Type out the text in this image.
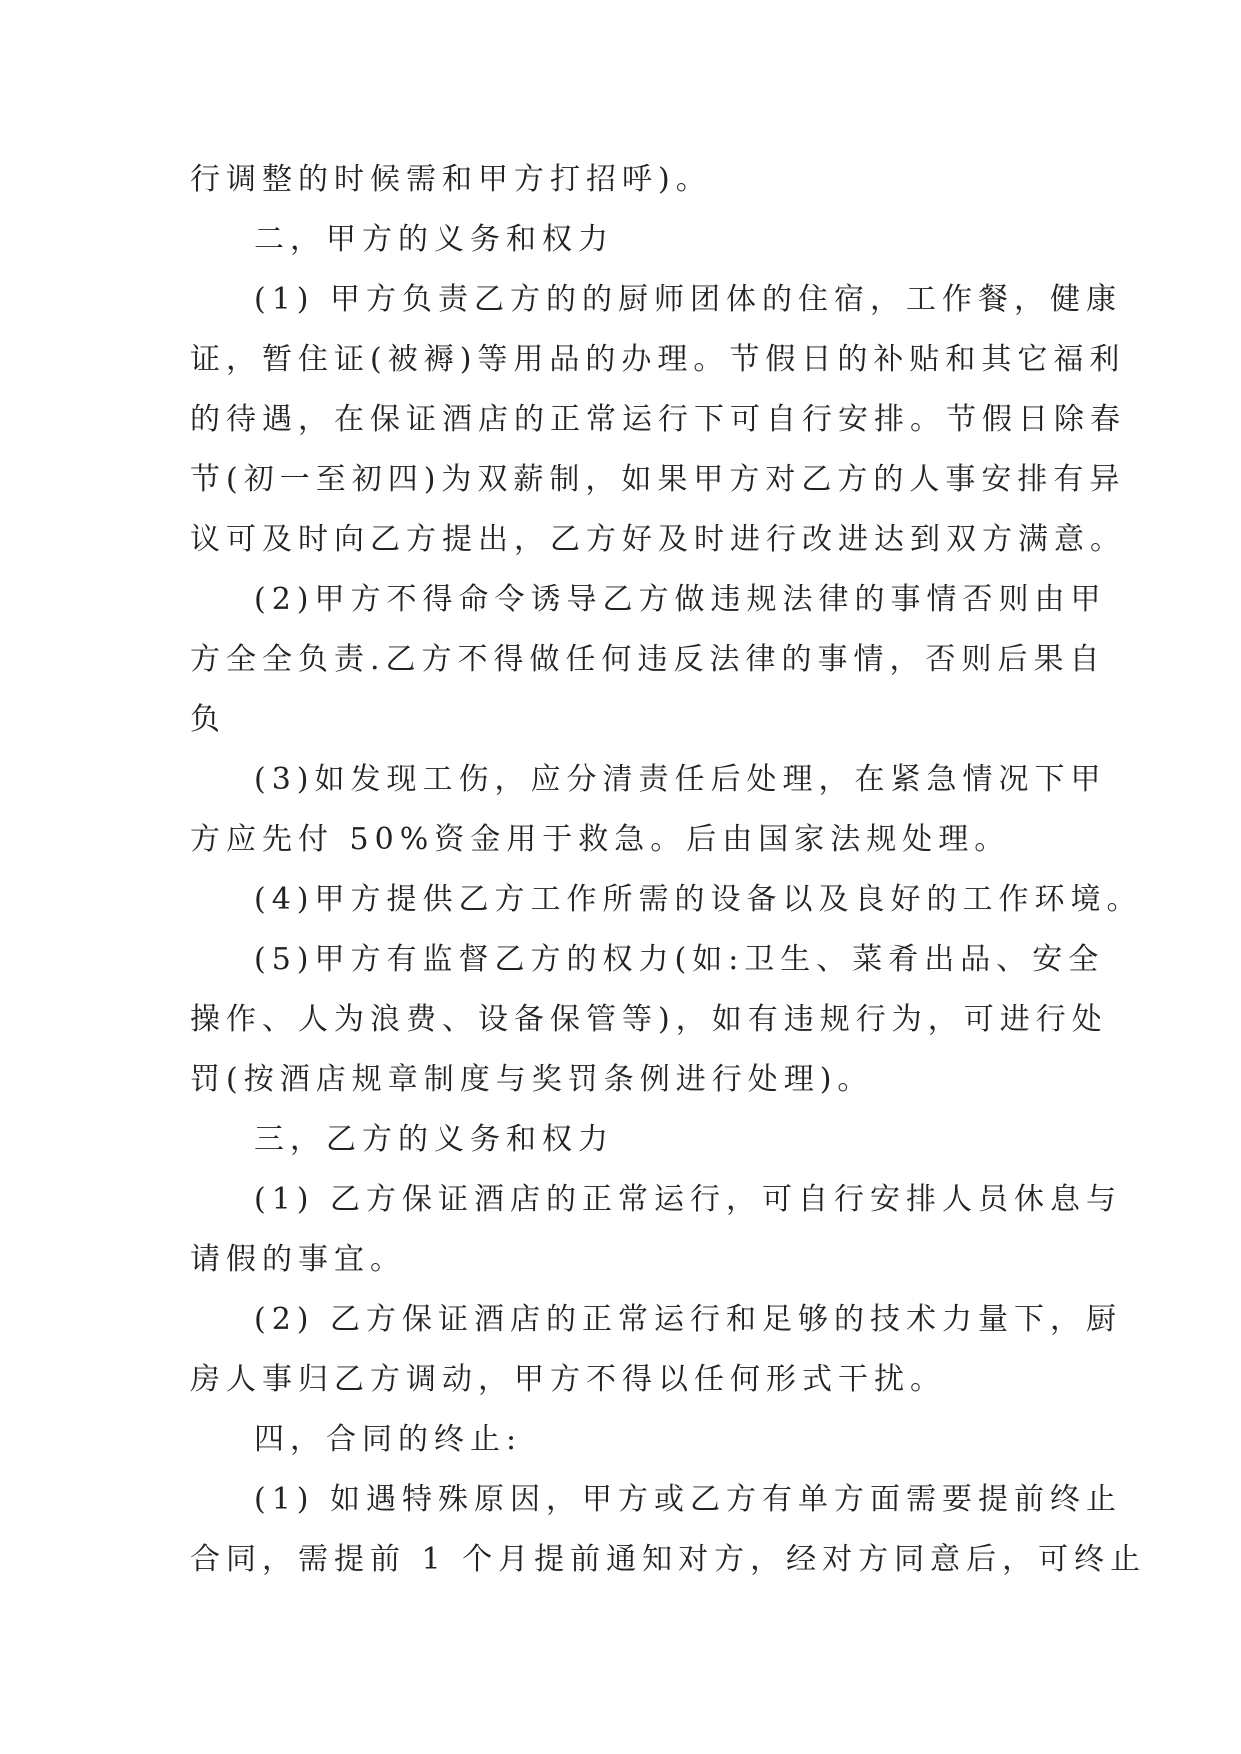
行调整的时候需和甲方打招呼)。
二，甲方的义务和权力
(1) 甲方负责乙方的的厨师团体的住宿，工作餐，健康
证，暂住证(被褥)等用品的办理。节假日的补贴和其它福利
的待遇，在保证酒店的正常运行下可自行安排。节假日除春
节(初一至初四)为双薪制，如果甲方对乙方的人事安排有异
议可及时向乙方提出，乙方好及时进行改进达到双方满意。
(2)甲方不得命令诱导乙方做违规法律的事情否则由甲
方全全负责.乙方不得做任何违反法律的事情，否则后果自
负
(3)如发现工伤，应分清责任后处理，在紧急情况下甲
方应先付 50%资金用于救急。后由国家法规处理。
(4)甲方提供乙方工作所需的设备以及良好的工作环境。
(5)甲方有监督乙方的权力(如:卫生、菜肴出品、安全
操作、人为浪费、设备保管等)，如有违规行为，可进行处
罚(按酒店规章制度与奖罚条例进行处理)。
三，乙方的义务和权力
(1) 乙方保证酒店的正常运行，可自行安排人员休息与
请假的事宜。
(2) 乙方保证酒店的正常运行和足够的技术力量下，厨
房人事归乙方调动，甲方不得以任何形式干扰。
四，合同的终止:
(1) 如遇特殊原因，甲方或乙方有单方面需要提前终止
合同，需提前 1 个月提前通知对方，经对方同意后，可终止
